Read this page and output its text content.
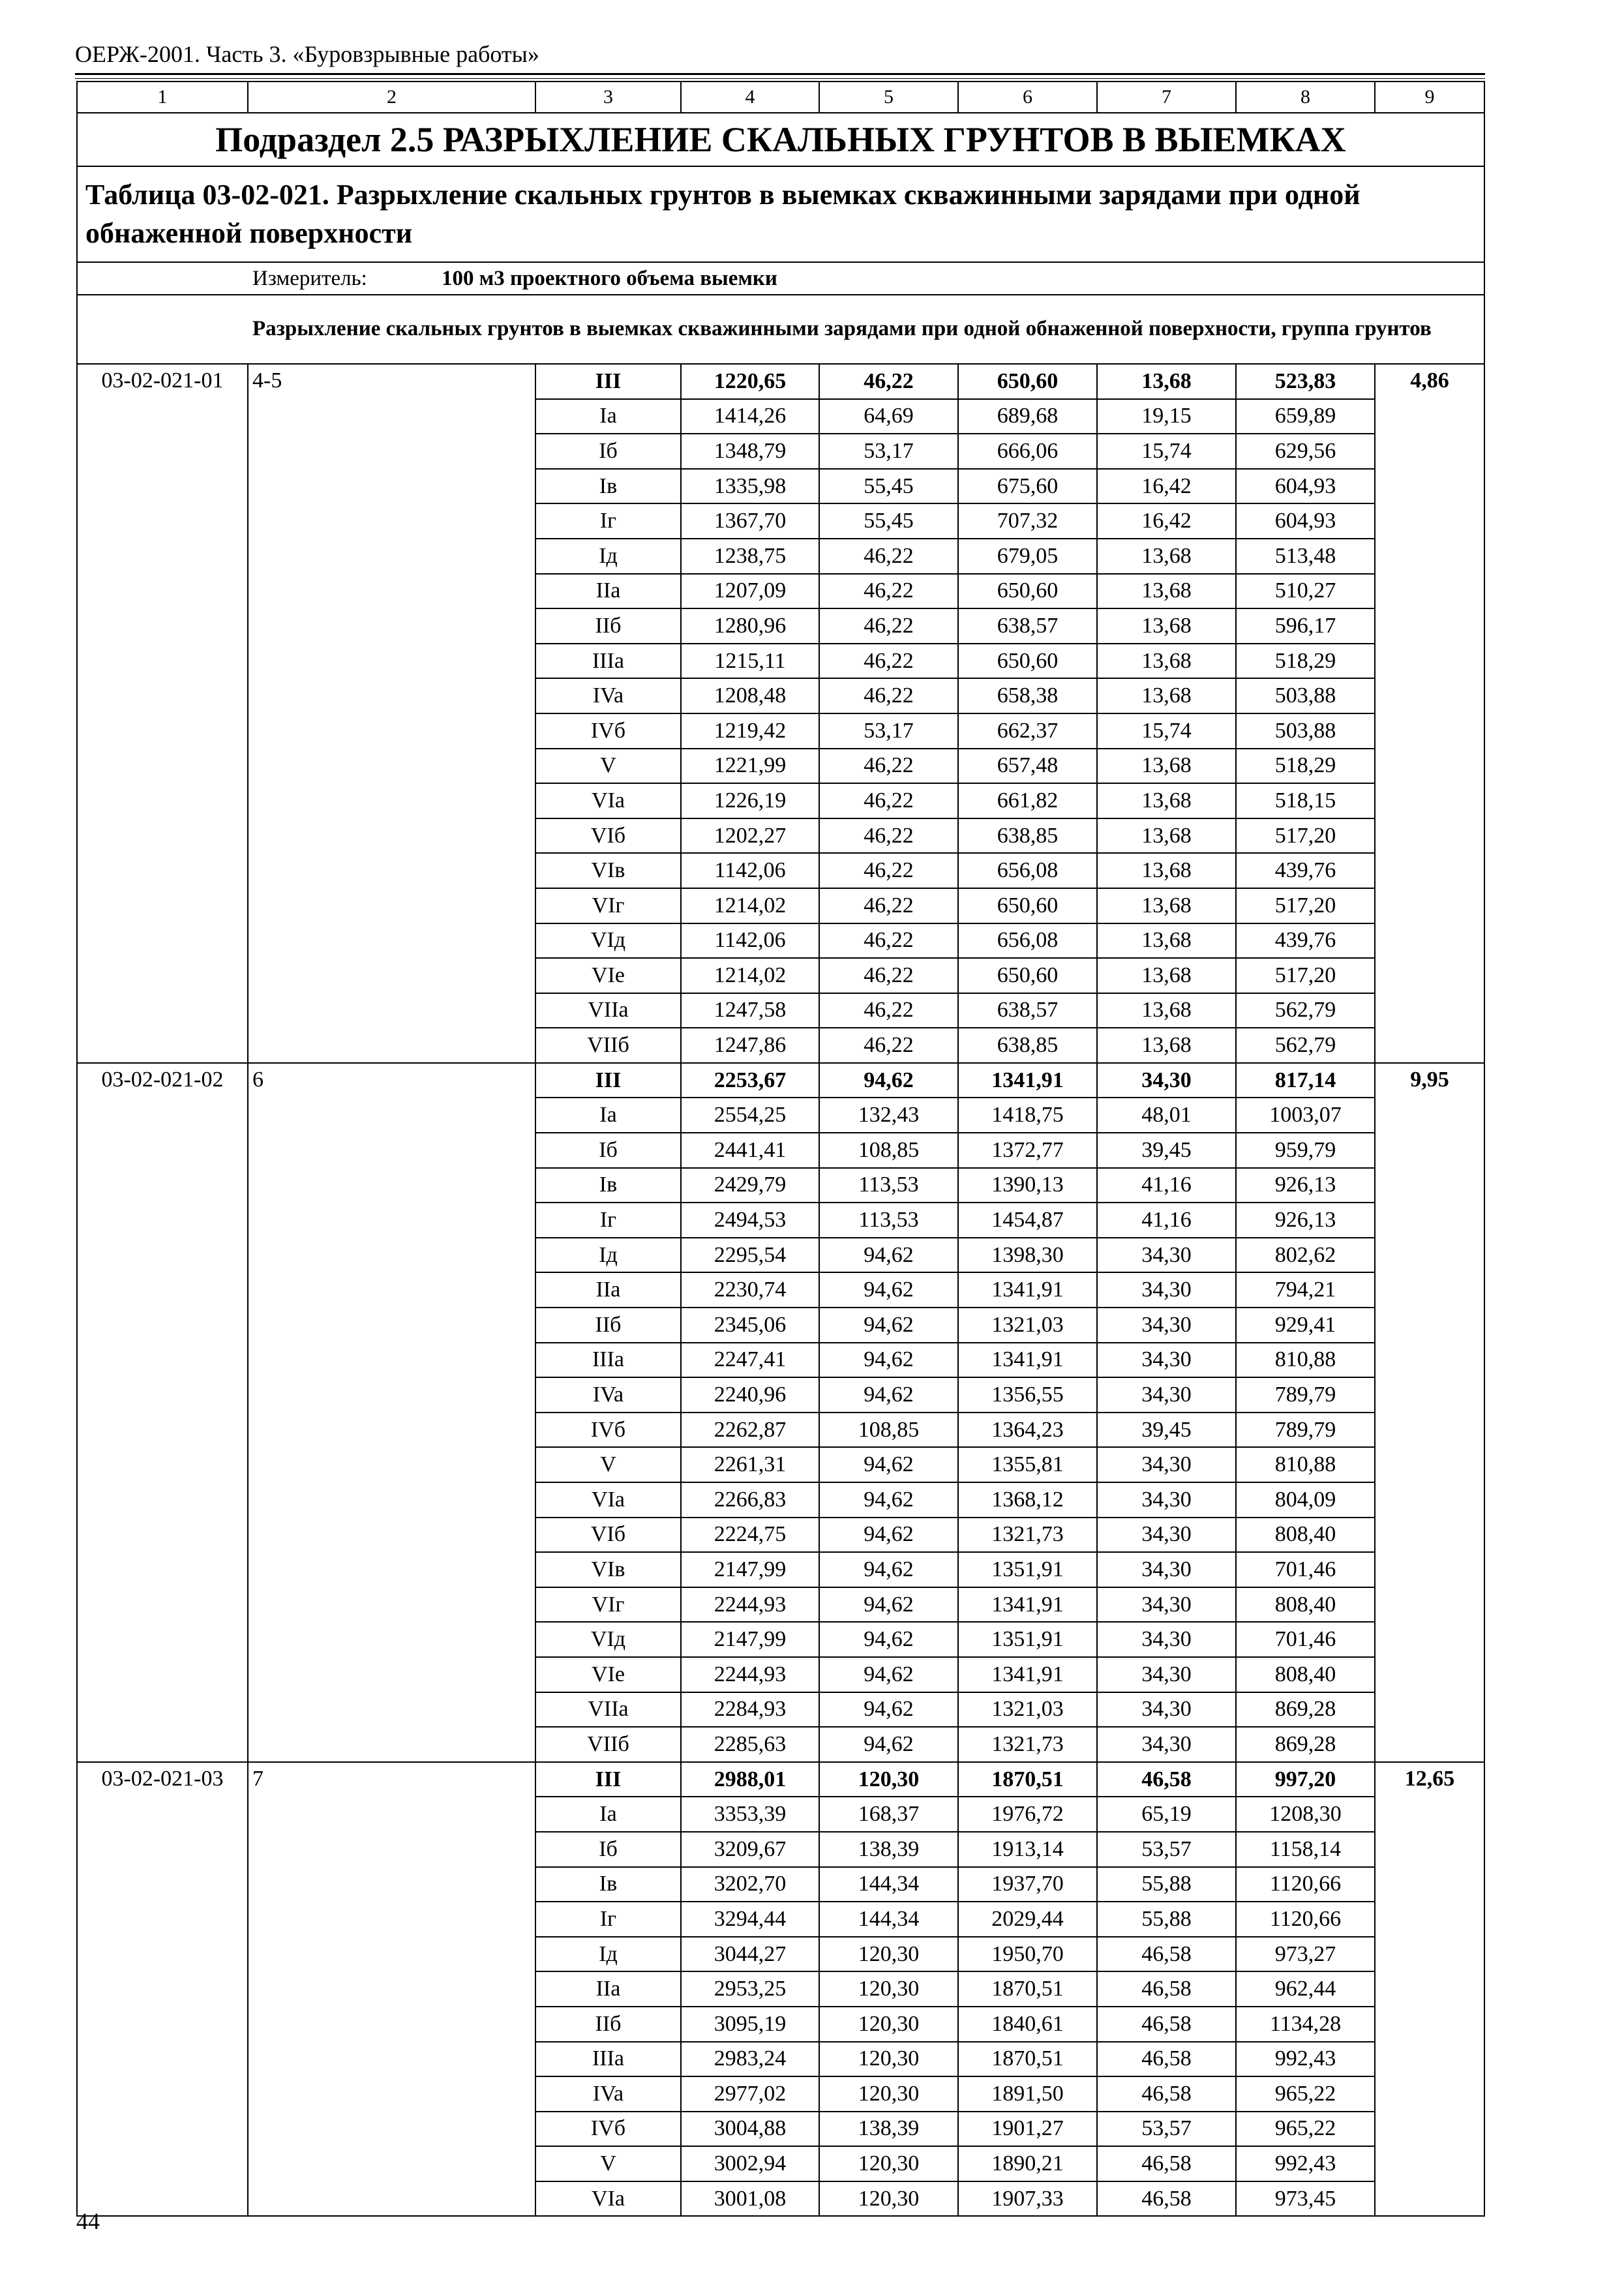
ОЕРЖ-2001. Часть 3. «Буровзрывные работы»
1	2	3	4	5	6	7	8	9
Подраздел 2.5 РАЗРЫХЛЕНИЕ СКАЛЬНЫХ ГРУНТОВ В ВЫЕМКАХ								
Таблица 03-02-021. Разрыхление скальных грунтов в выемках скважинными зарядами при одной обнаженной поверхности								

Измеритель: 100 м3 проектного объема выемки								

Разрыхление скальных грунтов в выемках скважинными зарядами при одной обнаженной поверхности, группа грунтов								
03-02-021-01	4-5	III	1220,65	46,22	650,60	13,68	523,83	4,86
		Ia	1414,26	64,69	689,68	19,15	659,89	
		Iб	1348,79	53,17	666,06	15,74	629,56	
		Iв	1335,98	55,45	675,60	16,42	604,93	
		Iг	1367,70	55,45	707,32	16,42	604,93	
		Iд	1238,75	46,22	679,05	13,68	513,48	
		IIa	1207,09	46,22	650,60	13,68	510,27	
		IIб	1280,96	46,22	638,57	13,68	596,17	
		IIIa	1215,11	46,22	650,60	13,68	518,29	
		IVa	1208,48	46,22	658,38	13,68	503,88	
		IVб	1219,42	53,17	662,37	15,74	503,88	
		V	1221,99	46,22	657,48	13,68	518,29	
		VIa	1226,19	46,22	661,82	13,68	518,15	
		VIб	1202,27	46,22	638,85	13,68	517,20	
		VIв	1142,06	46,22	656,08	13,68	439,76	
		VIг	1214,02	46,22	650,60	13,68	517,20	
		VIд	1142,06	46,22	656,08	13,68	439,76	
		VIe	1214,02	46,22	650,60	13,68	517,20	
		VIIa	1247,58	46,22	638,57	13,68	562,79	
		VIIб	1247,86	46,22	638,85	13,68	562,79	
03-02-021-02	6	III	2253,67	94,62	1341,91	34,30	817,14	9,95
		Ia	2554,25	132,43	1418,75	48,01	1003,07	
		Iб	2441,41	108,85	1372,77	39,45	959,79	
		Iв	2429,79	113,53	1390,13	41,16	926,13	
		Iг	2494,53	113,53	1454,87	41,16	926,13	
		Iд	2295,54	94,62	1398,30	34,30	802,62	
		IIa	2230,74	94,62	1341,91	34,30	794,21	
		IIб	2345,06	94,62	1321,03	34,30	929,41	
		IIIa	2247,41	94,62	1341,91	34,30	810,88	
		IVa	2240,96	94,62	1356,55	34,30	789,79	
		IVб	2262,87	108,85	1364,23	39,45	789,79	
		V	2261,31	94,62	1355,81	34,30	810,88	
		VIa	2266,83	94,62	1368,12	34,30	804,09	
		VIб	2224,75	94,62	1321,73	34,30	808,40	
		VIв	2147,99	94,62	1351,91	34,30	701,46	
		VIг	2244,93	94,62	1341,91	34,30	808,40	
		VIд	2147,99	94,62	1351,91	34,30	701,46	
		VIe	2244,93	94,62	1341,91	34,30	808,40	
		VIIa	2284,93	94,62	1321,03	34,30	869,28	
		VIIб	2285,63	94,62	1321,73	34,30	869,28	
03-02-021-03	7	III	2988,01	120,30	1870,51	46,58	997,20	12,65
		Ia	3353,39	168,37	1976,72	65,19	1208,30	
		Iб	3209,67	138,39	1913,14	53,57	1158,14	
		Iв	3202,70	144,34	1937,70	55,88	1120,66	
		Iг	3294,44	144,34	2029,44	55,88	1120,66	
		Iд	3044,27	120,30	1950,70	46,58	973,27	
		IIa	2953,25	120,30	1870,51	46,58	962,44	
		IIб	3095,19	120,30	1840,61	46,58	1134,28	
		IIIa	2983,24	120,30	1870,51	46,58	992,43	
		IVa	2977,02	120,30	1891,50	46,58	965,22	
		IVб	3004,88	138,39	1901,27	53,57	965,22	
		V	3002,94	120,30	1890,21	46,58	992,43	
		VIa	3001,08	120,30	1907,33	46,58	973,45	
44
